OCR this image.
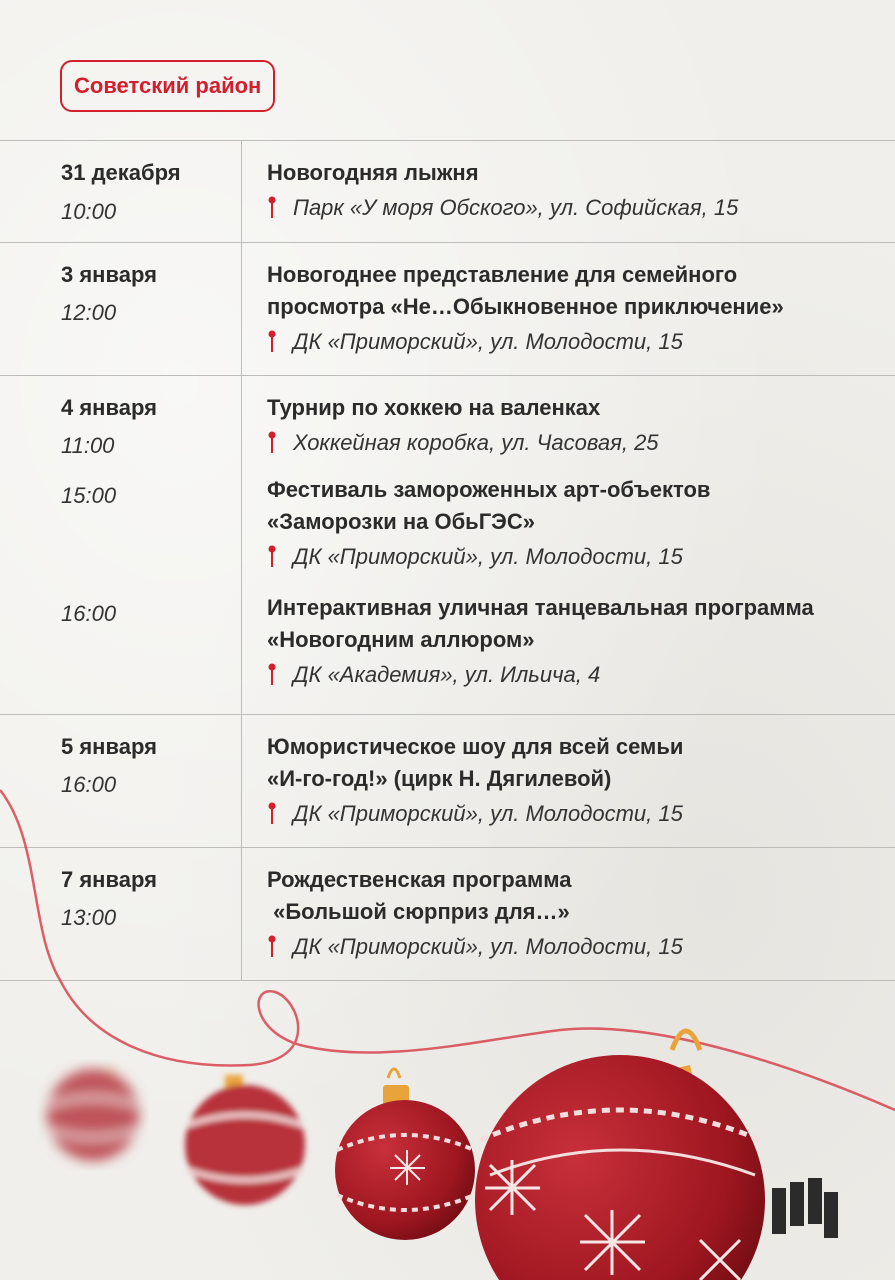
Советский район
31 декабря
10:00
Новогодняя лыжня
Парк «У моря Обского», ул. Софийская, 15
3 января
12:00
Новогоднее представление для семейного
просмотра «Не…Обыкновенное приключение»
ДК «Приморский», ул. Молодости, 15
4 января
11:00
15:00
16:00
Турнир по хоккею на валенках
Хоккейная коробка, ул. Часовая, 25
Фестиваль замороженных арт-объектов
«Заморозки на ОбьГЭС»
ДК «Приморский», ул. Молодости, 15
Интерактивная уличная танцевальная программа
«Новогодним аллюром»
ДК «Академия», ул. Ильича, 4
5 января
16:00
Юмористическое шоу для всей семьи
«И-го-год!» (цирк Н. Дягилевой)
ДК «Приморский», ул. Молодости, 15
7 января
13:00
Рождественская программа
«Большой сюрприз для…»
ДК «Приморский», ул. Молодости, 15
